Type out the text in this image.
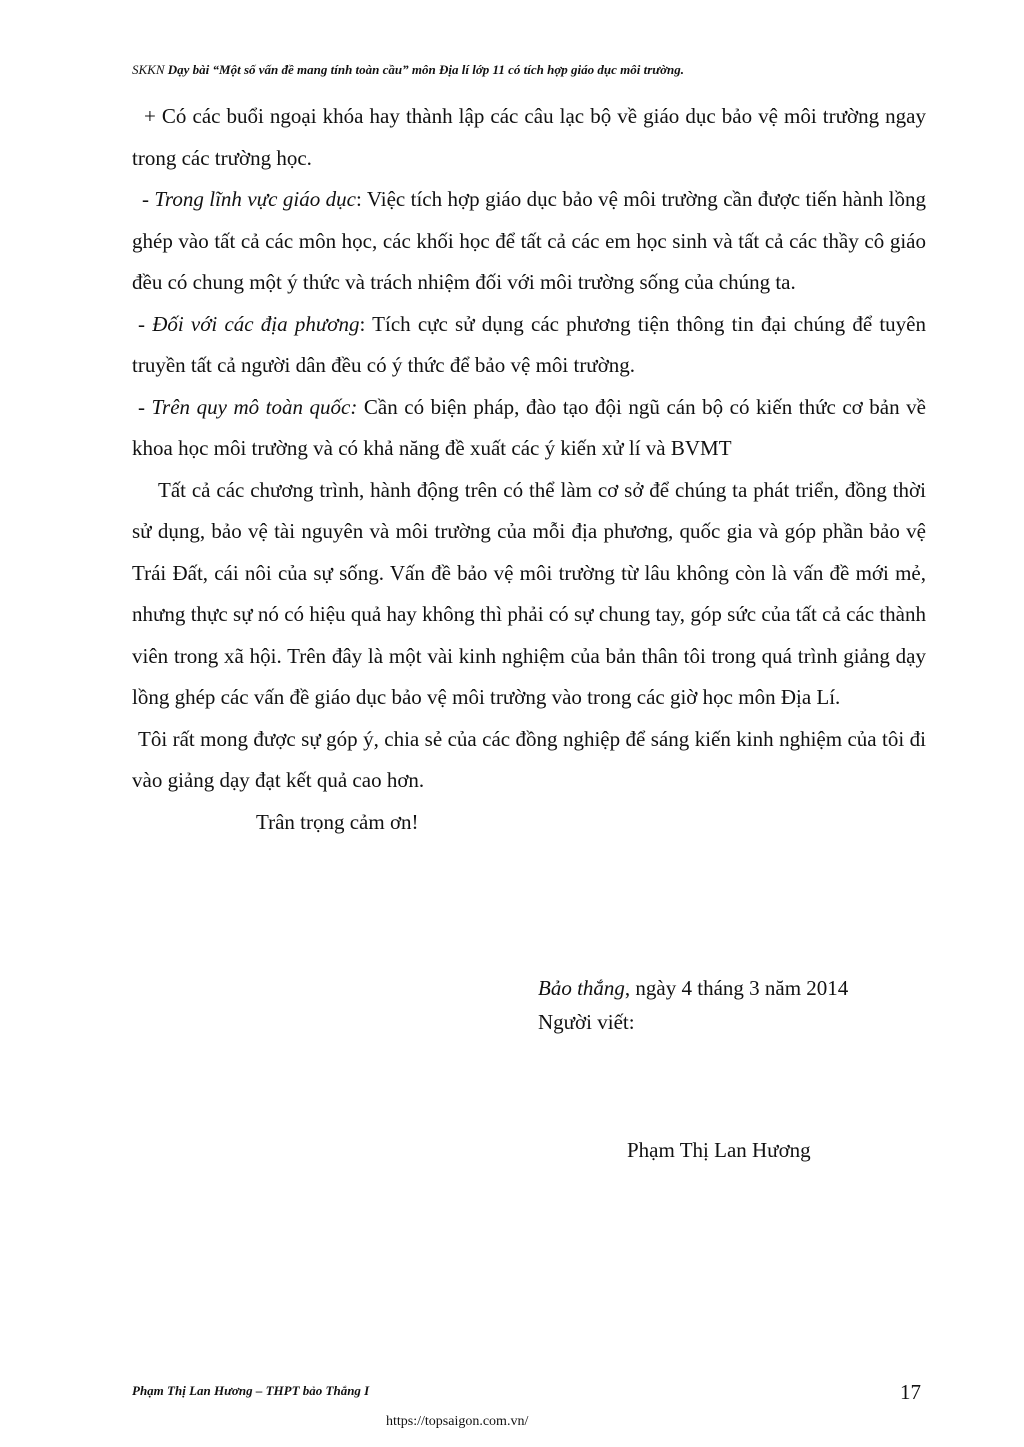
SKKN Dạy bài “Một số vấn đề mang tính toàn cầu” môn Địa lí lớp 11 có tích hợp giáo dục môi trường.

+ Có các buổi ngoại khóa hay thành lập các câu lạc bộ về giáo dục bảo vệ môi trường ngay trong các trường học.

- Trong lĩnh vực giáo dục: Việc tích hợp giáo dục bảo vệ môi trường cần được tiến hành lồng ghép vào tất cả các môn học, các khối học để tất cả các em học sinh và tất cả các thầy cô giáo đều có chung một ý thức và trách nhiệm đối với môi trường sống của chúng ta.

- Đối với các địa phương: Tích cực sử dụng các phương tiện thông tin đại chúng để tuyên truyền tất cả người dân đều có ý thức để bảo vệ môi trường.

- Trên quy mô toàn quốc: Cần có biện pháp, đào tạo đội ngũ cán bộ có kiến thức cơ bản về khoa học môi trường và có khả năng đề xuất các ý kiến xử lí và BVMT

Tất cả các chương trình, hành động trên có thể làm cơ sở để chúng ta phát triển, đồng thời sử dụng, bảo vệ tài nguyên và môi trường của mỗi địa phương, quốc gia và góp phần bảo vệ Trái Đất, cái nôi của sự sống. Vấn đề bảo vệ môi trường từ lâu không còn là vấn đề mới mẻ, nhưng thực sự nó có hiệu quả hay không thì phải có sự chung tay, góp sức của tất cả các thành viên trong xã hội. Trên đây là một vài kinh nghiệm của bản thân tôi trong quá trình giảng dạy lồng ghép các vấn đề giáo dục bảo vệ môi trường vào trong các giờ học môn Địa Lí.

Tôi rất mong được sự góp ý, chia sẻ của các đồng nghiệp để sáng kiến kinh nghiệm của tôi đi vào giảng dạy đạt kết quả cao hơn.

Trân trọng cảm ơn!

Bảo thắng, ngày 4 tháng 3 năm 2014
Người viết:
Phạm Thị Lan Hương
Phạm Thị Lan Hương – THPT bảo Thắng I	17
https://topsaigon.com.vn/
